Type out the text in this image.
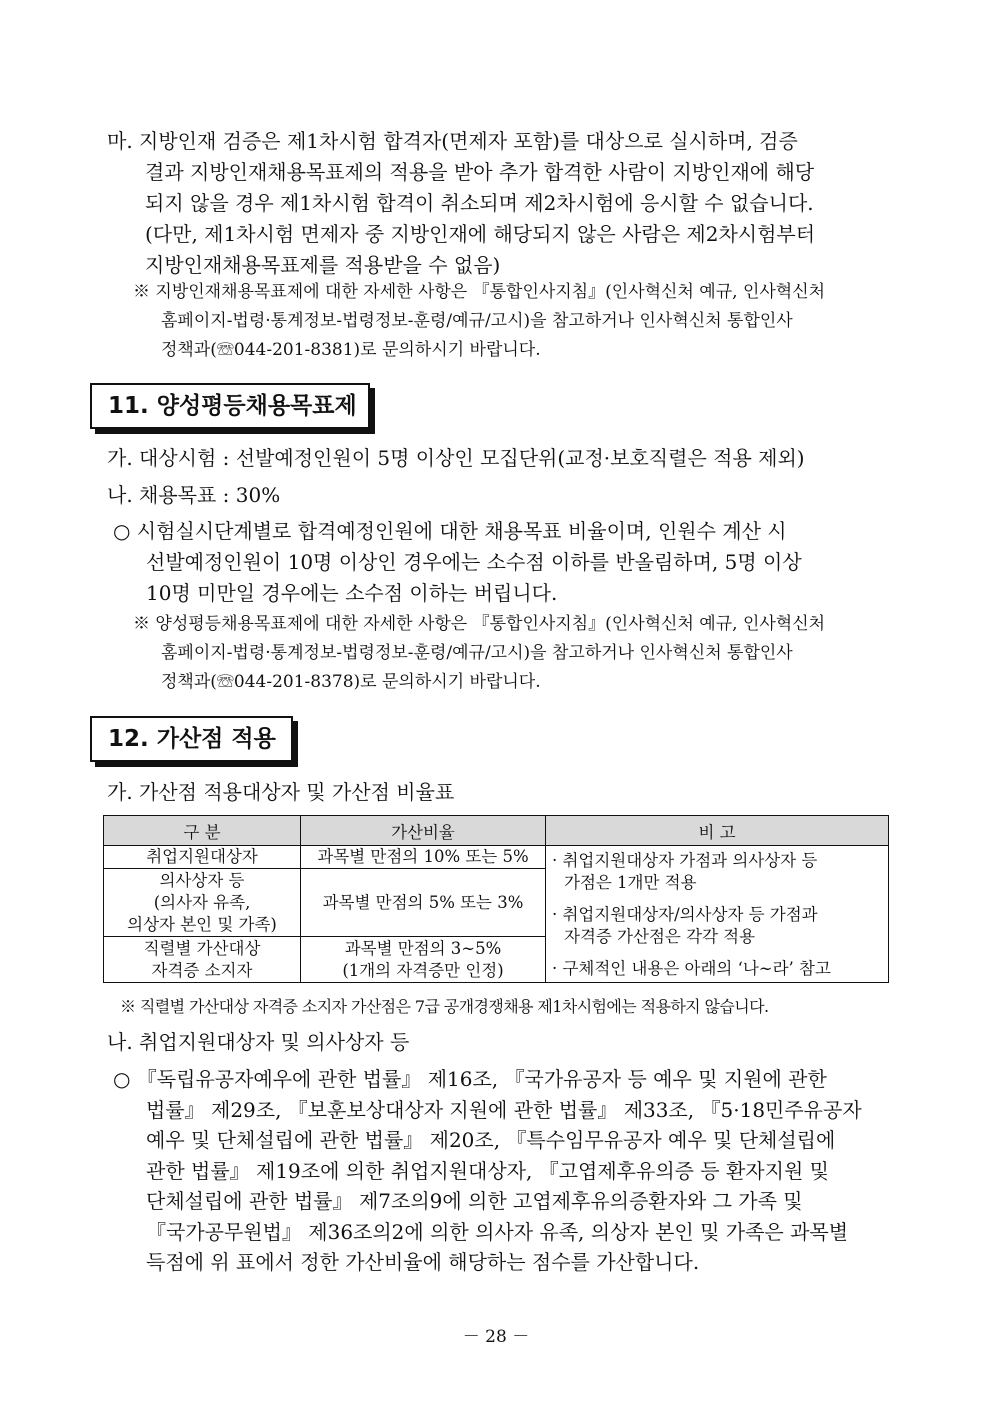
마. 지방인재 검증은 제1차시험 합격자(면제자 포함)를 대상으로 실시하며, 검증
결과 지방인재채용목표제의 적용을 받아 추가 합격한 사람이 지방인재에 해당
되지 않을 경우 제1차시험 합격이 취소되며 제2차시험에 응시할 수 없습니다.
(다만, 제1차시험 면제자 중 지방인재에 해당되지 않은 사람은 제2차시험부터
지방인재채용목표제를 적용받을 수 없음)
※ 지방인재채용목표제에 대한 자세한 사항은 『통합인사지침』(인사혁신처 예규, 인사혁신처
홈페이지-법령·통계정보-법령정보-훈령/예규/고시)을 참고하거나 인사혁신처 통합인사
정책과(☏044-201-8381)로 문의하시기 바랍니다.
11. 양성평등채용목표제
가. 대상시험 : 선발예정인원이 5명 이상인 모집단위(교정·보호직렬은 적용 제외)
나. 채용목표 : 30%
○ 시험실시단계별로 합격예정인원에 대한 채용목표 비율이며, 인원수 계산 시
선발예정인원이 10명 이상인 경우에는 소수점 이하를 반올림하며, 5명 이상
10명 미만일 경우에는 소수점 이하는 버립니다.
※ 양성평등채용목표제에 대한 자세한 사항은 『통합인사지침』(인사혁신처 예규, 인사혁신처
홈페이지-법령·통계정보-법령정보-훈령/예규/고시)을 참고하거나 인사혁신처 통합인사
정책과(☏044-201-8378)로 문의하시기 바랍니다.
12. 가산점 적용
가. 가산점 적용대상자 및 가산점 비율표
구 분	가산비율	비 고

취업지원대상자	과목별 만점의 10% 또는 5%	· 취업지원대상자 가점과 의사상자 등
가점은 1개만 적용
· 취업지원대상자/의사상자 등 가점과
자격증 가산점은 각각 적용
· 구체적인 내용은 아래의 ‘나∼라’ 참고

의사상자 등
(의사자 유족,
의상자 본인 및 가족)	과목별 만점의 5% 또는 3%	

직렬별 가산대상
자격증 소지자	과목별 만점의 3∼5%
(1개의 자격증만 인정)	
※ 직렬별 가산대상 자격증 소지자 가산점은 7급 공개경쟁채용 제1차시험에는 적용하지 않습니다.
나. 취업지원대상자 및 의사상자 등
○ 『독립유공자예우에 관한 법률』 제16조, 『국가유공자 등 예우 및 지원에 관한
법률』 제29조, 『보훈보상대상자 지원에 관한 법률』 제33조, 『5·18민주유공자
예우 및 단체설립에 관한 법률』 제20조, 『특수임무유공자 예우 및 단체설립에
관한 법률』 제19조에 의한 취업지원대상자, 『고엽제후유의증 등 환자지원 및
단체설립에 관한 법률』 제7조의9에 의한 고엽제후유의증환자와 그 가족 및
『국가공무원법』 제36조의2에 의한 의사자 유족, 의상자 본인 및 가족은 과목별
득점에 위 표에서 정한 가산비율에 해당하는 점수를 가산합니다.
－ 28 －
